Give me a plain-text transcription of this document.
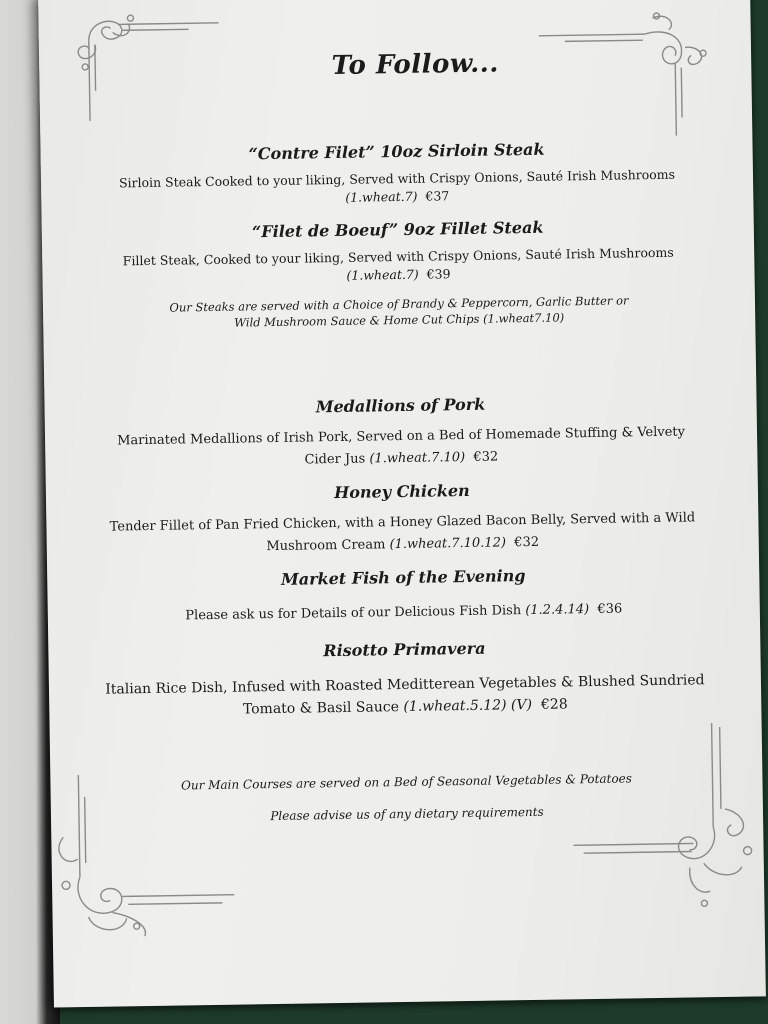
To Follow...
“Contre Filet” 10oz Sirloin Steak
Sirloin Steak Cooked to your liking, Served with Crispy Onions, Sauté Irish Mushrooms
(1.wheat.7) €37
“Filet de Boeuf” 9oz Fillet Steak
Fillet Steak, Cooked to your liking, Served with Crispy Onions, Sauté Irish Mushrooms
(1.wheat.7) €39
Our Steaks are served with a Choice of Brandy & Peppercorn, Garlic Butter or
Wild Mushroom Sauce & Home Cut Chips (1.wheat7.10)
Medallions of Pork
Marinated Medallions of Irish Pork, Served on a Bed of Homemade Stuffing & Velvety
Cider Jus (1.wheat.7.10) €32
Honey Chicken
Tender Fillet of Pan Fried Chicken, with a Honey Glazed Bacon Belly, Served with a Wild
Mushroom Cream (1.wheat.7.10.12) €32
Market Fish of the Evening
Please ask us for Details of our Delicious Fish Dish (1.2.4.14) €36
Risotto Primavera
Italian Rice Dish, Infused with Roasted Meditterean Vegetables & Blushed Sundried
Tomato & Basil Sauce (1.wheat.5.12) (V) €28
Our Main Courses are served on a Bed of Seasonal Vegetables & Potatoes
Please advise us of any dietary requirements
